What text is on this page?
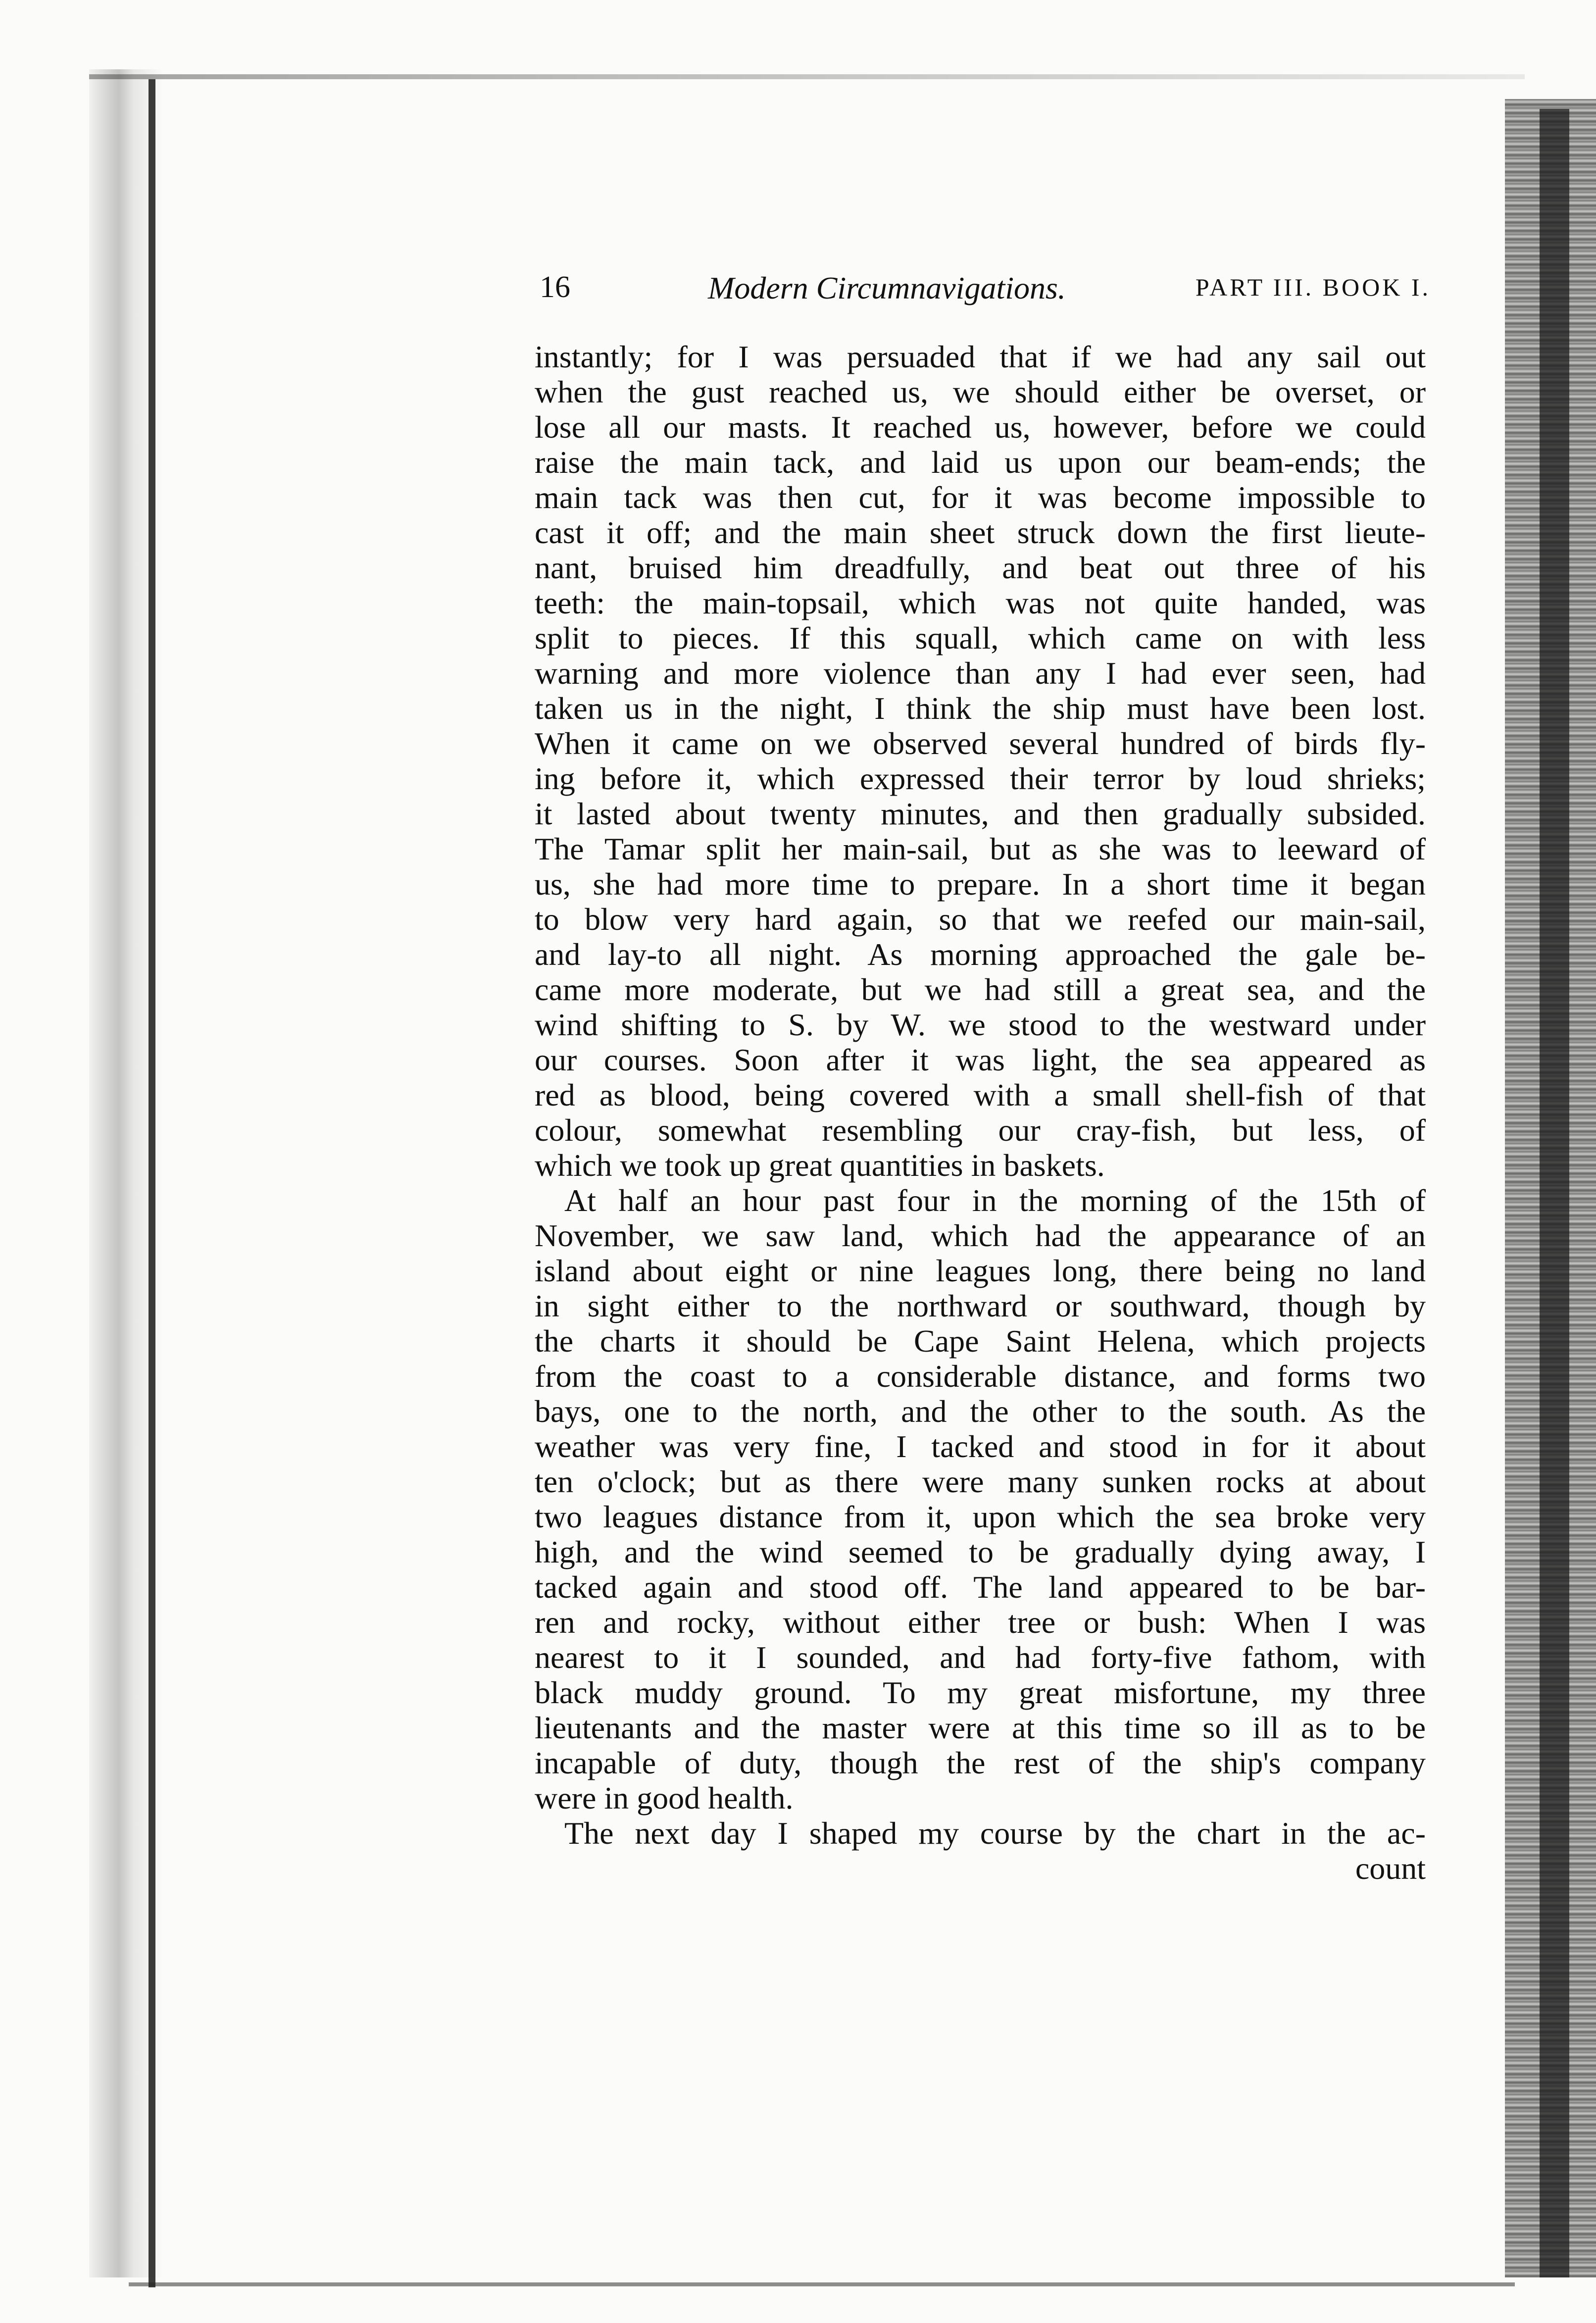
16	Modern Circumnavigations.	PART III. BOOK I.
instantly; for I was persuaded that if we had any sail out
when the gust reached us, we should either be overset, or
lose all our masts. It reached us, however, before we could
raise the main tack, and laid us upon our beam-ends; the
main tack was then cut, for it was become impossible to
cast it off; and the main sheet struck down the first lieute-
nant, bruised him dreadfully, and beat out three of his
teeth: the main-topsail, which was not quite handed, was
split to pieces. If this squall, which came on with less
warning and more violence than any I had ever seen, had
taken us in the night, I think the ship must have been lost.
When it came on we observed several hundred of birds fly-
ing before it, which expressed their terror by loud shrieks;
it lasted about twenty minutes, and then gradually subsided.
The Tamar split her main-sail, but as she was to leeward of
us, she had more time to prepare. In a short time it began
to blow very hard again, so that we reefed our main-sail,
and lay-to all night. As morning approached the gale be-
came more moderate, but we had still a great sea, and the
wind shifting to S. by W. we stood to the westward under
our courses. Soon after it was light, the sea appeared as
red as blood, being covered with a small shell-fish of that
colour, somewhat resembling our cray-fish, but less, of
which we took up great quantities in baskets.
At half an hour past four in the morning of the 15th of
November, we saw land, which had the appearance of an
island about eight or nine leagues long, there being no land
in sight either to the northward or southward, though by
the charts it should be Cape Saint Helena, which projects
from the coast to a considerable distance, and forms two
bays, one to the north, and the other to the south. As the
weather was very fine, I tacked and stood in for it about
ten o'clock; but as there were many sunken rocks at about
two leagues distance from it, upon which the sea broke very
high, and the wind seemed to be gradually dying away, I
tacked again and stood off. The land appeared to be bar-
ren and rocky, without either tree or bush: When I was
nearest to it I sounded, and had forty-five fathom, with
black muddy ground. To my great misfortune, my three
lieutenants and the master were at this time so ill as to be
incapable of duty, though the rest of the ship's company
were in good health.
The next day I shaped my course by the chart in the ac-
count
